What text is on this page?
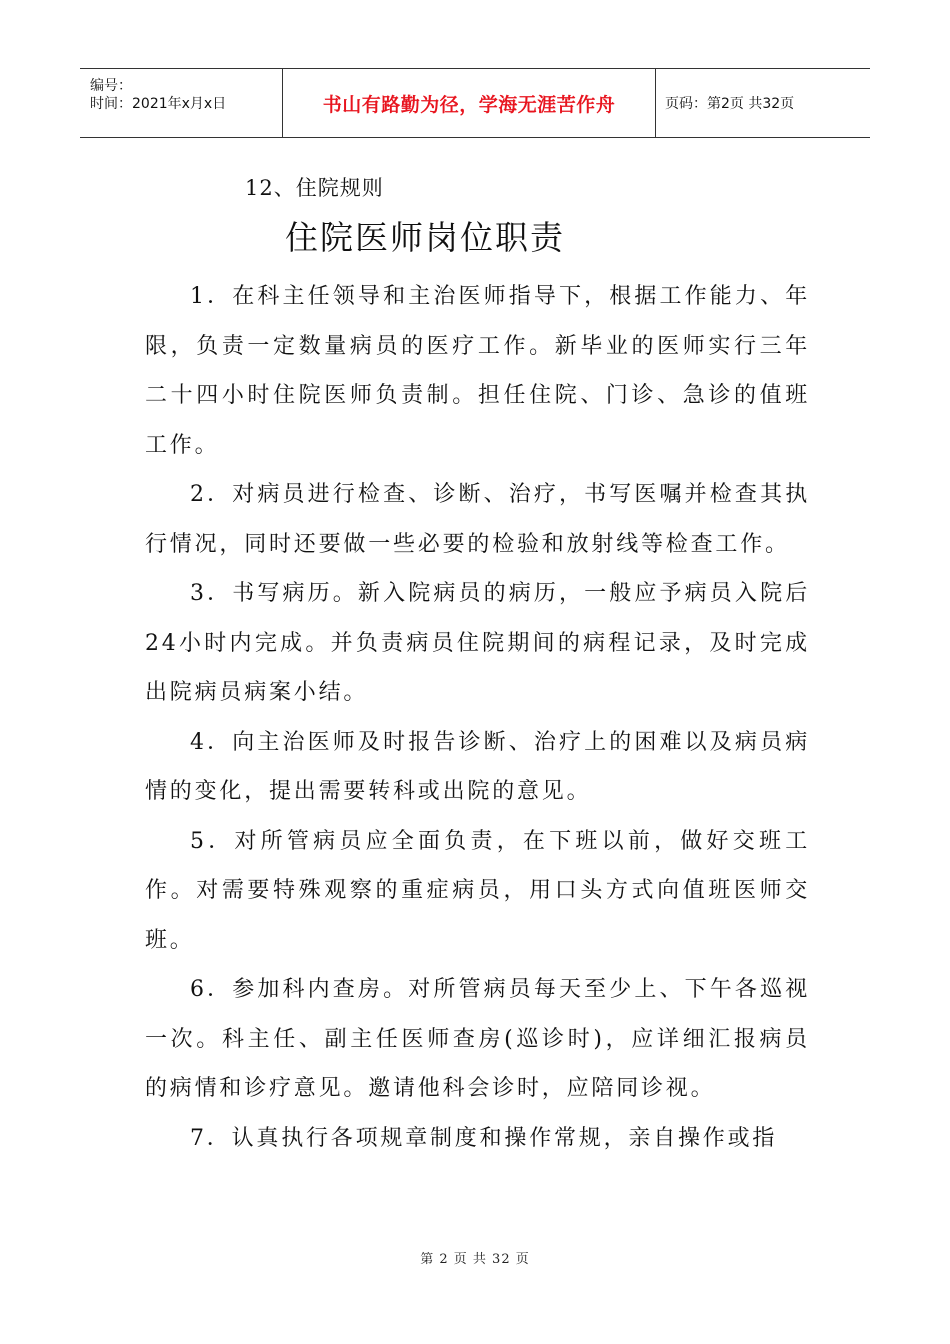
编号：
时间：2021年x月x日	书山有路勤为径，学海无涯苦作舟	页码：第2页 共32页
12、住院规则
住院医师岗位职责

1．在科主任领导和主治医师指导下，根据工作能力、年限，负责一定数量病员的医疗工作。新毕业的医师实行三年二十四小时住院医师负责制。担任住院、门诊、急诊的值班工作。

2．对病员进行检查、诊断、治疗，书写医嘱并检查其执行情况，同时还要做一些必要的检验和放射线等检查工作。

3．书写病历。新入院病员的病历，一般应予病员入院后24小时内完成。并负责病员住院期间的病程记录，及时完成出院病员病案小结。

4．向主治医师及时报告诊断、治疗上的困难以及病员病情的变化，提出需要转科或出院的意见。

5．对所管病员应全面负责，在下班以前，做好交班工作。对需要特殊观察的重症病员，用口头方式向值班医师交班。

6．参加科内查房。对所管病员每天至少上、下午各巡视一次。科主任、副主任医师查房(巡诊时)，应详细汇报病员的病情和诊疗意见。邀请他科会诊时，应陪同诊视。

7．认真执行各项规章制度和操作常规，亲自操作或指

第 2 页 共 32 页
